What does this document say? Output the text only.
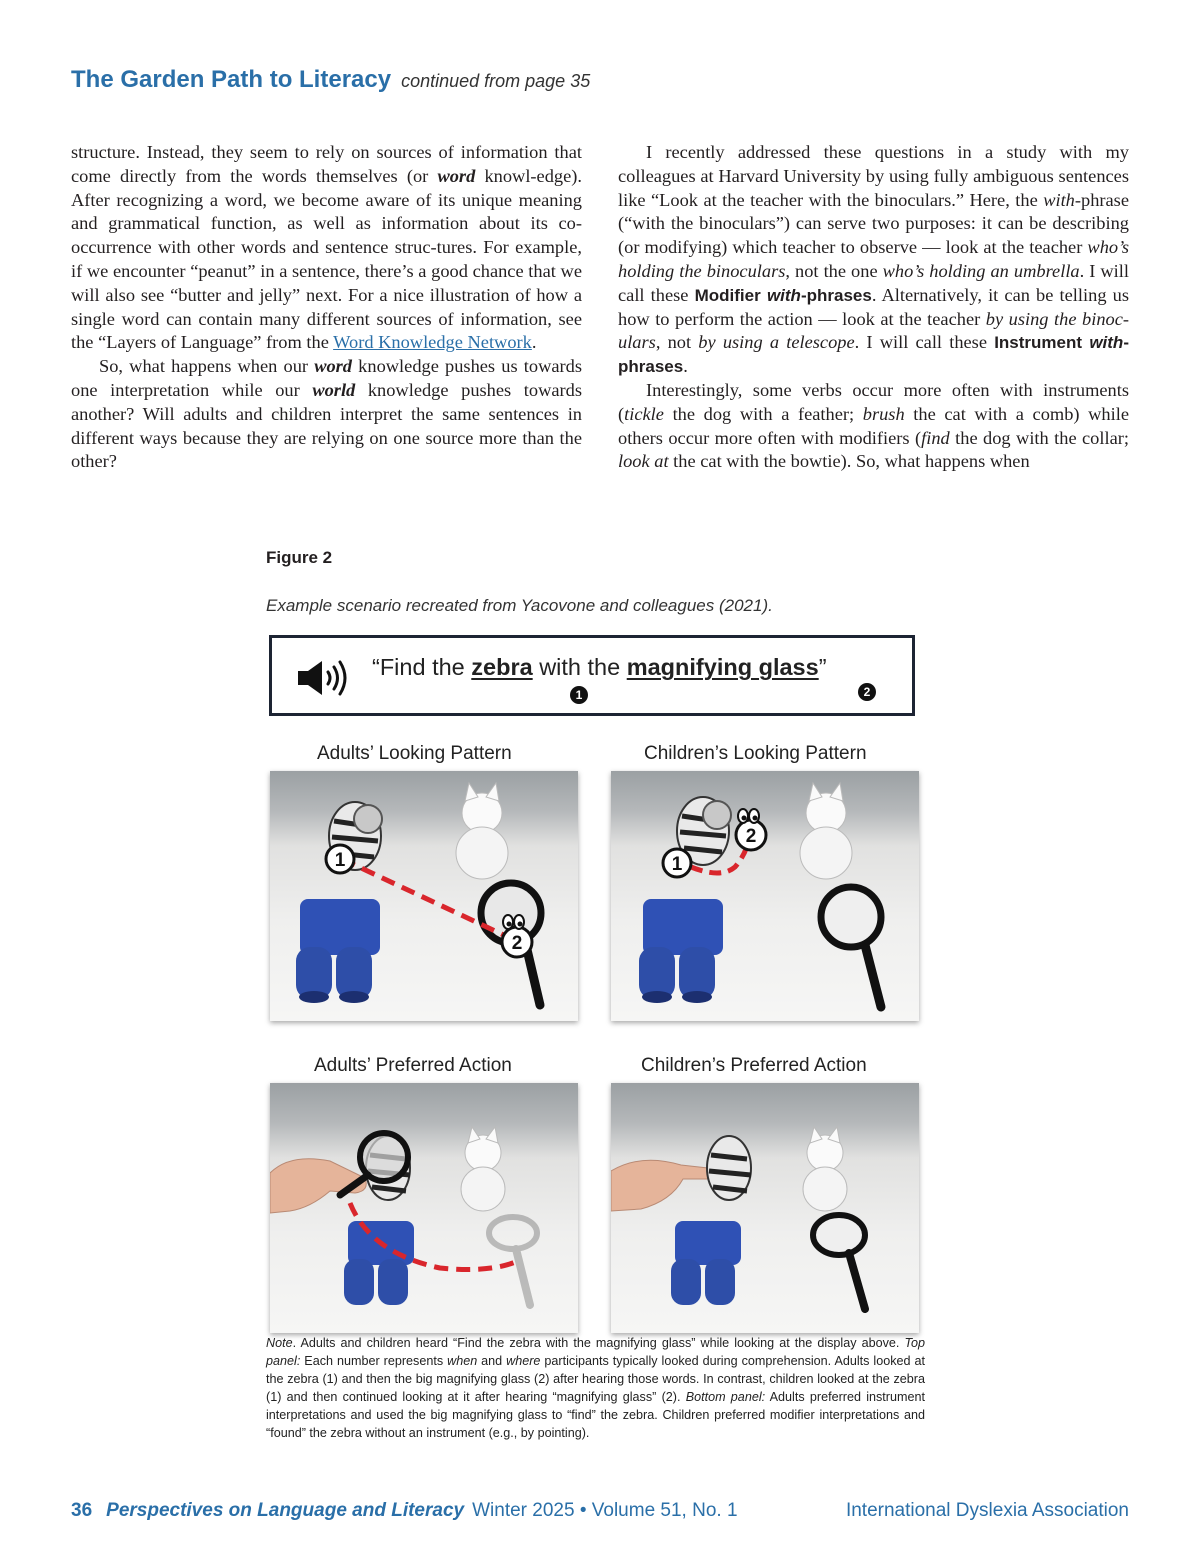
The Garden Path to Literacy continued from page 35

structure. Instead, they seem to rely on sources of information that come directly from the words themselves (or word knowl-edge). After recognizing a word, we become aware of its unique meaning and grammatical function, as well as information about its co-occurrence with other words and sentence struc-tures. For example, if we encounter “peanut” in a sentence, there’s a good chance that we will also see “butter and jelly” next. For a nice illustration of how a single word can contain many different sources of information, see the “Layers of Language” from the Word Knowledge Network.

So, what happens when our word knowledge pushes us towards one interpretation while our world knowledge pushes towards another? Will adults and children interpret the same sentences in different ways because they are relying on one source more than the other?

I recently addressed these questions in a study with my colleagues at Harvard University by using fully ambiguous sentences like “Look at the teacher with the binoculars.” Here, the with-phrase (“with the binoculars”) can serve two purposes: it can be describing (or modifying) which teacher to observe — look at the teacher who’s holding the binoculars, not the one who’s holding an umbrella. I will call these Modifier with-phrases. Alternatively, it can be telling us how to perform the action — look at the teacher by using the binoc-ulars, not by using a telescope. I will call these Instrument with-phrases.

Interestingly, some verbs occur more often with instruments (tickle the dog with a feather; brush the cat with a comb) while others occur more often with modifiers (find the dog with the collar; look at the cat with the bowtie). So, what happens when

Figure 2
Example scenario recreated from Yacovone and colleagues (2021).
“Find the zebra with the magnifying glass”
1	2
Adults’ Looking Pattern	Children’s Looking Pattern
Adults’ Preferred Action	Children’s Preferred Action
1
2
1
2
Note. Adults and children heard “Find the zebra with the magnifying glass” while looking at the display above. Top panel: Each number represents when and where participants typically looked during comprehension. Adults looked at the zebra (1) and then the big magnifying glass (2) after hearing those words. In contrast, children looked at the zebra (1) and then continued looking at it after hearing “magnifying glass” (2). Bottom panel: Adults preferred instrument interpretations and used the big magnifying glass to “find” the zebra. Children preferred modifier interpretations and “found” the zebra without an instrument (e.g., by pointing).
36 Perspectives on Language and Literacy Winter 2025 • Volume 51, No. 1	International Dyslexia Association
